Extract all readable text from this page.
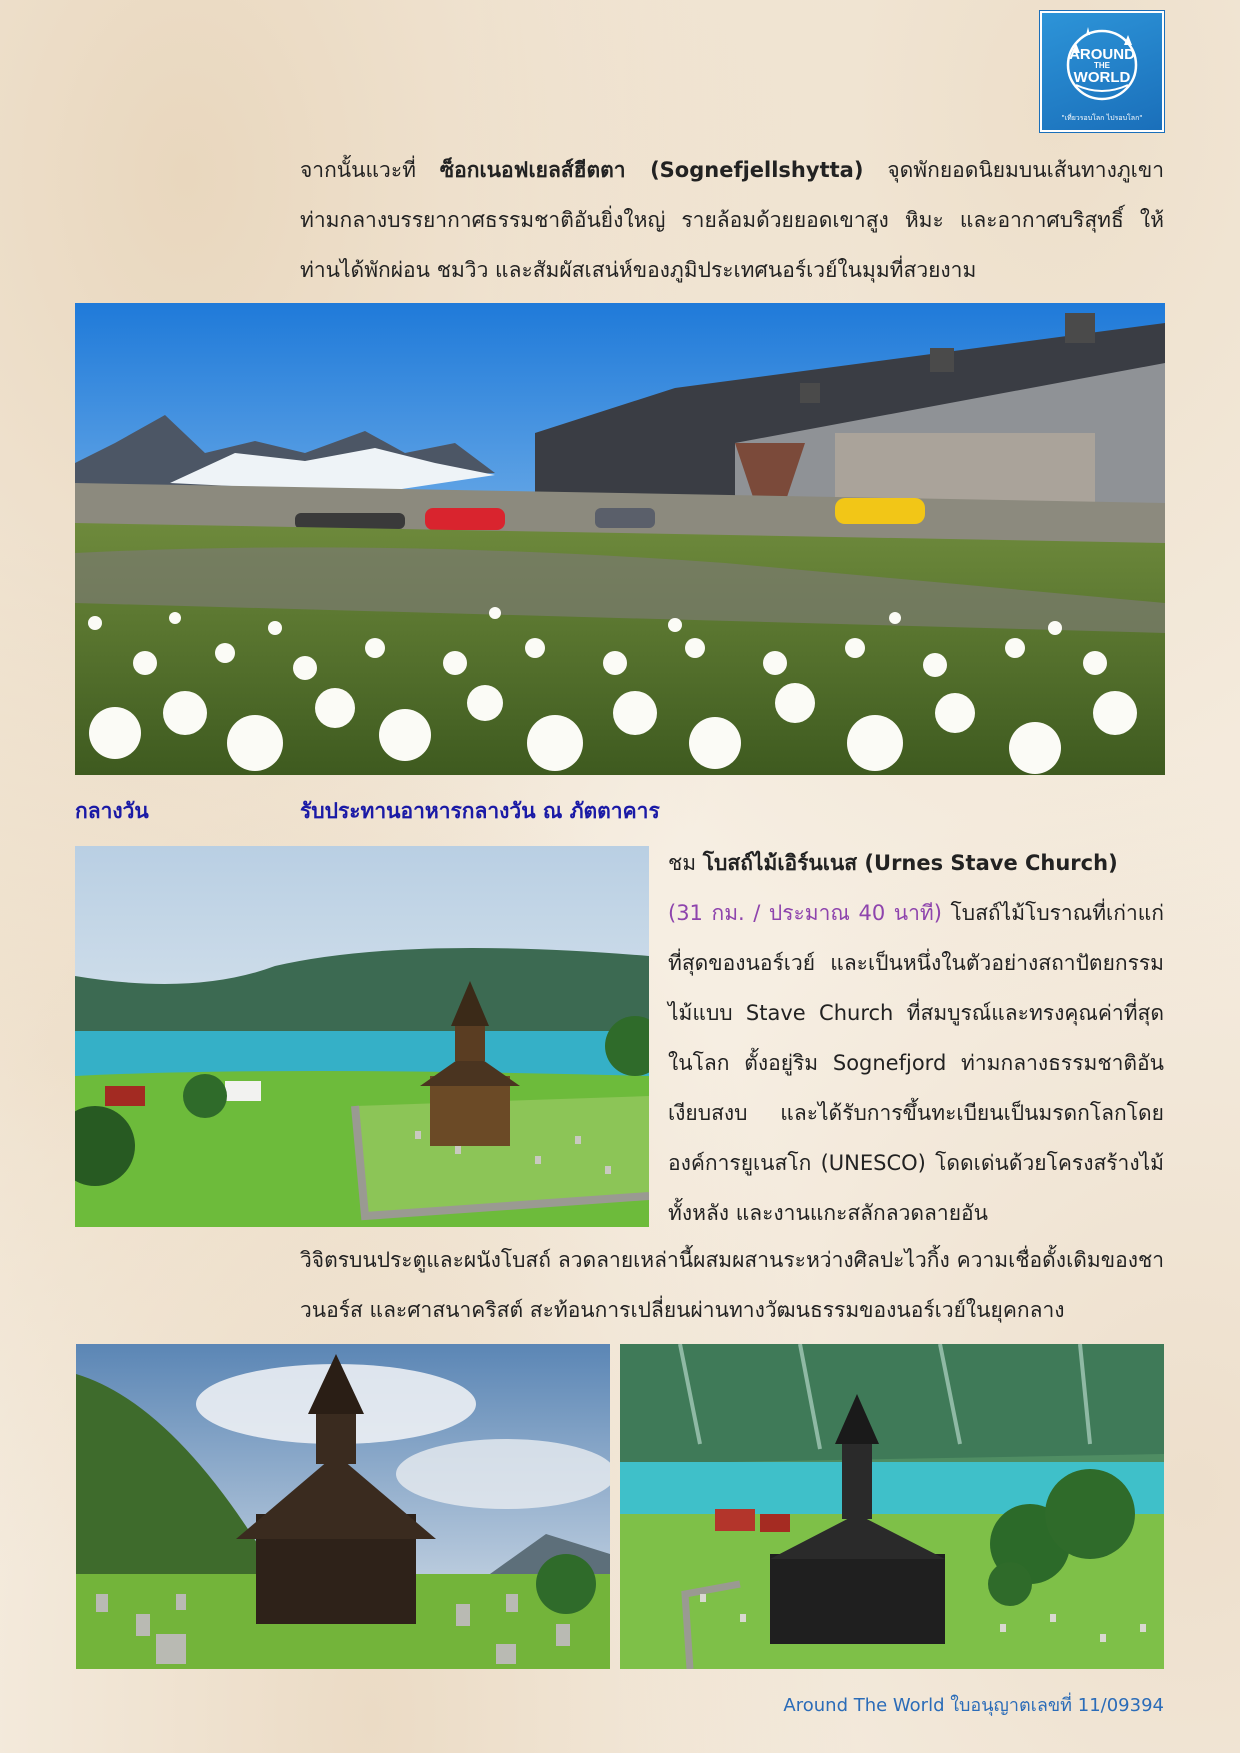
AROUND
THE
WORLD
"เที่ยวรอบโลก ไปรอบโลก"
จากนั้นแวะที่ ซ็อกเนอฟเยลส์ฮีตตา (Sognefjellshytta) จุดพักยอดนิยมบนเส้นทางภูเขาท่ามกลางบรรยากาศธรรมชาติอันยิ่งใหญ่ รายล้อมด้วยยอดเขาสูง หิมะ และอากาศบริสุทธิ์ ให้ท่านได้พักผ่อน ชมวิว และสัมผัสเสน่ห์ของภูมิประเทศนอร์เวย์ในมุมที่สวยงาม
กลางวัน	รับประทานอาหารกลางวัน ณ ภัตตาคาร
ชม โบสถ์ไม้เอิร์นเนส (Urnes Stave Church)
(31 กม. / ประมาณ 40 นาที) โบสถ์ไม้โบราณที่เก่าแก่ที่สุดของนอร์เวย์ และเป็นหนึ่งในตัวอย่างสถาปัตยกรรมไม้แบบ Stave Church ที่สมบูรณ์และทรงคุณค่าที่สุดในโลก ตั้งอยู่ริม Sognefjord ท่ามกลางธรรมชาติอันเงียบสงบ และได้รับการขึ้นทะเบียนเป็นมรดกโลกโดยองค์การยูเนสโก (UNESCO) โดดเด่นด้วยโครงสร้างไม้ทั้งหลัง และงานแกะสลักลวดลายอัน
วิจิตรบนประตูและผนังโบสถ์ ลวดลายเหล่านี้ผสมผสานระหว่างศิลปะไวกิ้ง ความเชื่อดั้งเดิมของชาวนอร์ส และศาสนาคริสต์ สะท้อนการเปลี่ยนผ่านทางวัฒนธรรมของนอร์เวย์ในยุคกลาง
Around The World ใบอนุญาตเลขที่ 11/09394
